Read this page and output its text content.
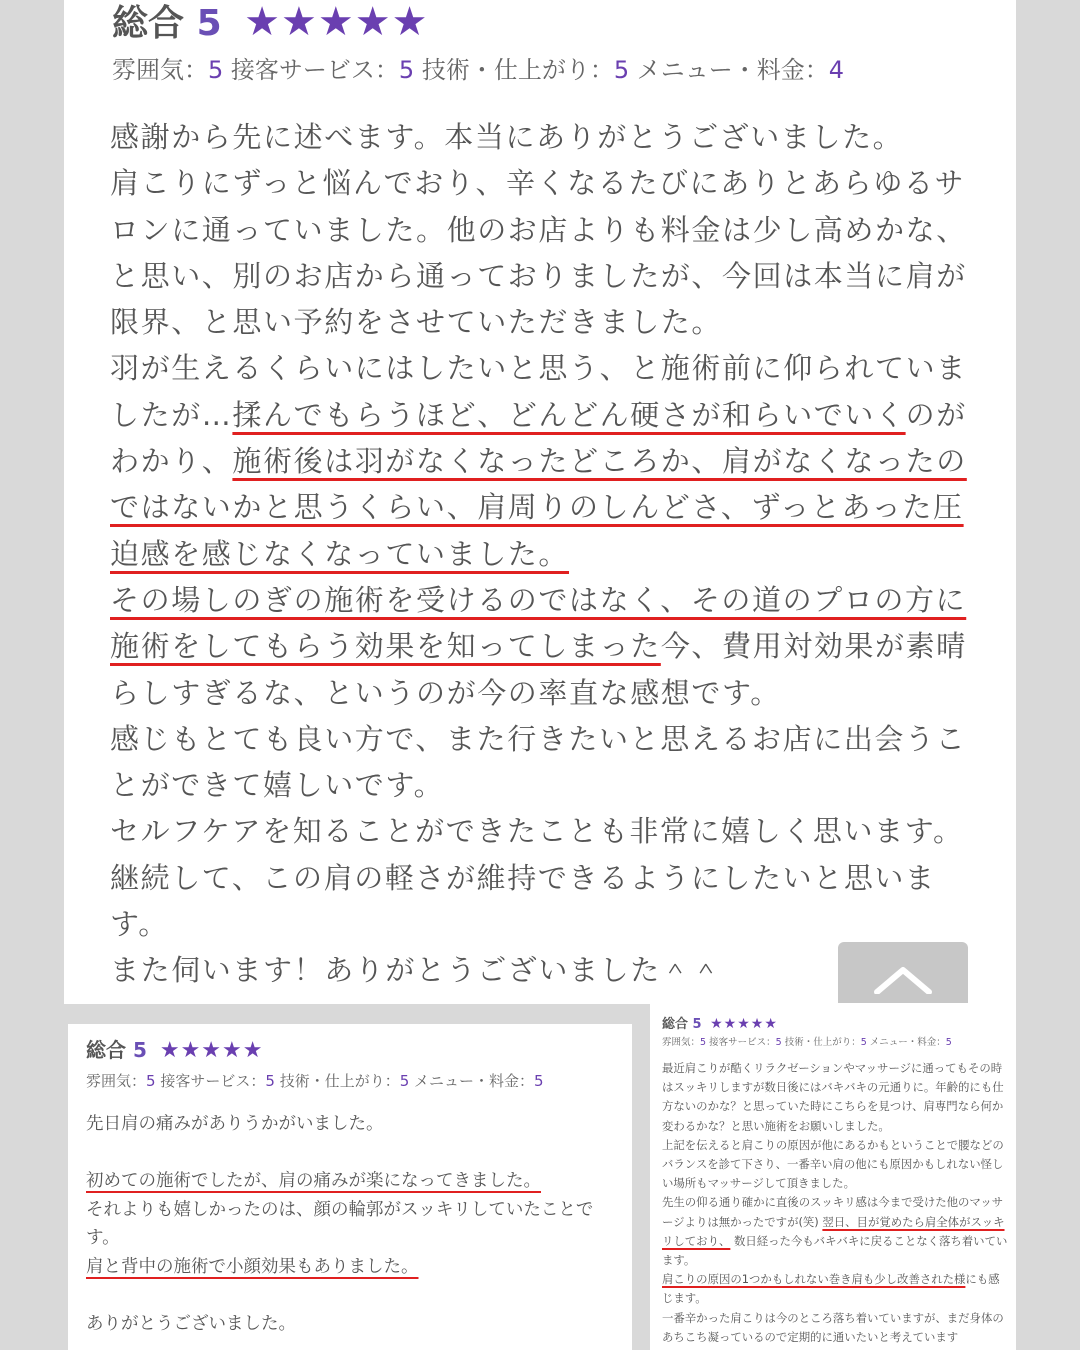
総合 5 ★★★★★
雰囲気：5 接客サービス：5 技術・仕上がり：5 メニュー・料金：4

感謝から先に述べます。本当にありがとうございました。

肩こりにずっと悩んでおり、辛くなるたびにありとあらゆるサロンに通っていました。他のお店よりも料金は少し高めかな、と思い、別のお店から通っておりましたが、今回は本当に肩が限界、と思い予約をさせていただきました。

羽が生えるくらいにはしたいと思う、と施術前に仰られていましたが…揉んでもらうほど、どんどん硬さが和らいでいくのがわかり、施術後は羽がなくなったどころか、肩がなくなったのではないかと思うくらい、肩周りのしんどさ、ずっとあった圧迫感を感じなくなっていました。

その場しのぎの施術を受けるのではなく、その道のプロの方に施術をしてもらう効果を知ってしまった今、費用対効果が素晴らしすぎるな、というのが今の率直な感想です。

感じもとても良い方で、また行きたいと思えるお店に出会うことができて嬉しいです。

セルフケアを知ることができたことも非常に嬉しく思います。

継続して、この肩の軽さが維持できるようにしたいと思います。

また伺います！ありがとうございました＾＾

総合 5 ★★★★★
雰囲気：5 接客サービス：5 技術・仕上がり：5 メニュー・料金：5

先日肩の痛みがありうかがいました。

初めての施術でしたが、肩の痛みが楽になってきました。

それよりも嬉しかったのは、顔の輪郭がスッキリしていたことです。

肩と背中の施術で小顔効果もありました。

ありがとうございました。

総合 5 ★★★★★
雰囲気：5 接客サービス：5 技術・仕上がり：5 メニュー・料金：5

最近肩こりが酷くリラクゼーションやマッサージに通ってもその時はスッキリしますが数日後にはバキバキの元通りに。年齢的にも仕方ないのかな？と思っていた時にこちらを見つけ、肩専門なら何か変わるかな？と思い施術をお願いしました。

上記を伝えると肩こりの原因が他にあるかもということで腰などのバランスを診て下さり、一番辛い肩の他にも原因かもしれない怪しい場所もマッサージして頂きました。

先生の仰る通り確かに直後のスッキリ感は今まで受けた他のマッサージよりは無かったですが(笑) 翌日、目が覚めたら肩全体がスッキリしており、 数日経った今もバキバキに戻ることなく落ち着いています。

肩こりの原因の1つかもしれない巻き肩も少し改善された様にも感じます。

一番辛かった肩こりは今のところ落ち着いていますが、まだ身体のあちこち凝っているので定期的に通いたいと考えています
